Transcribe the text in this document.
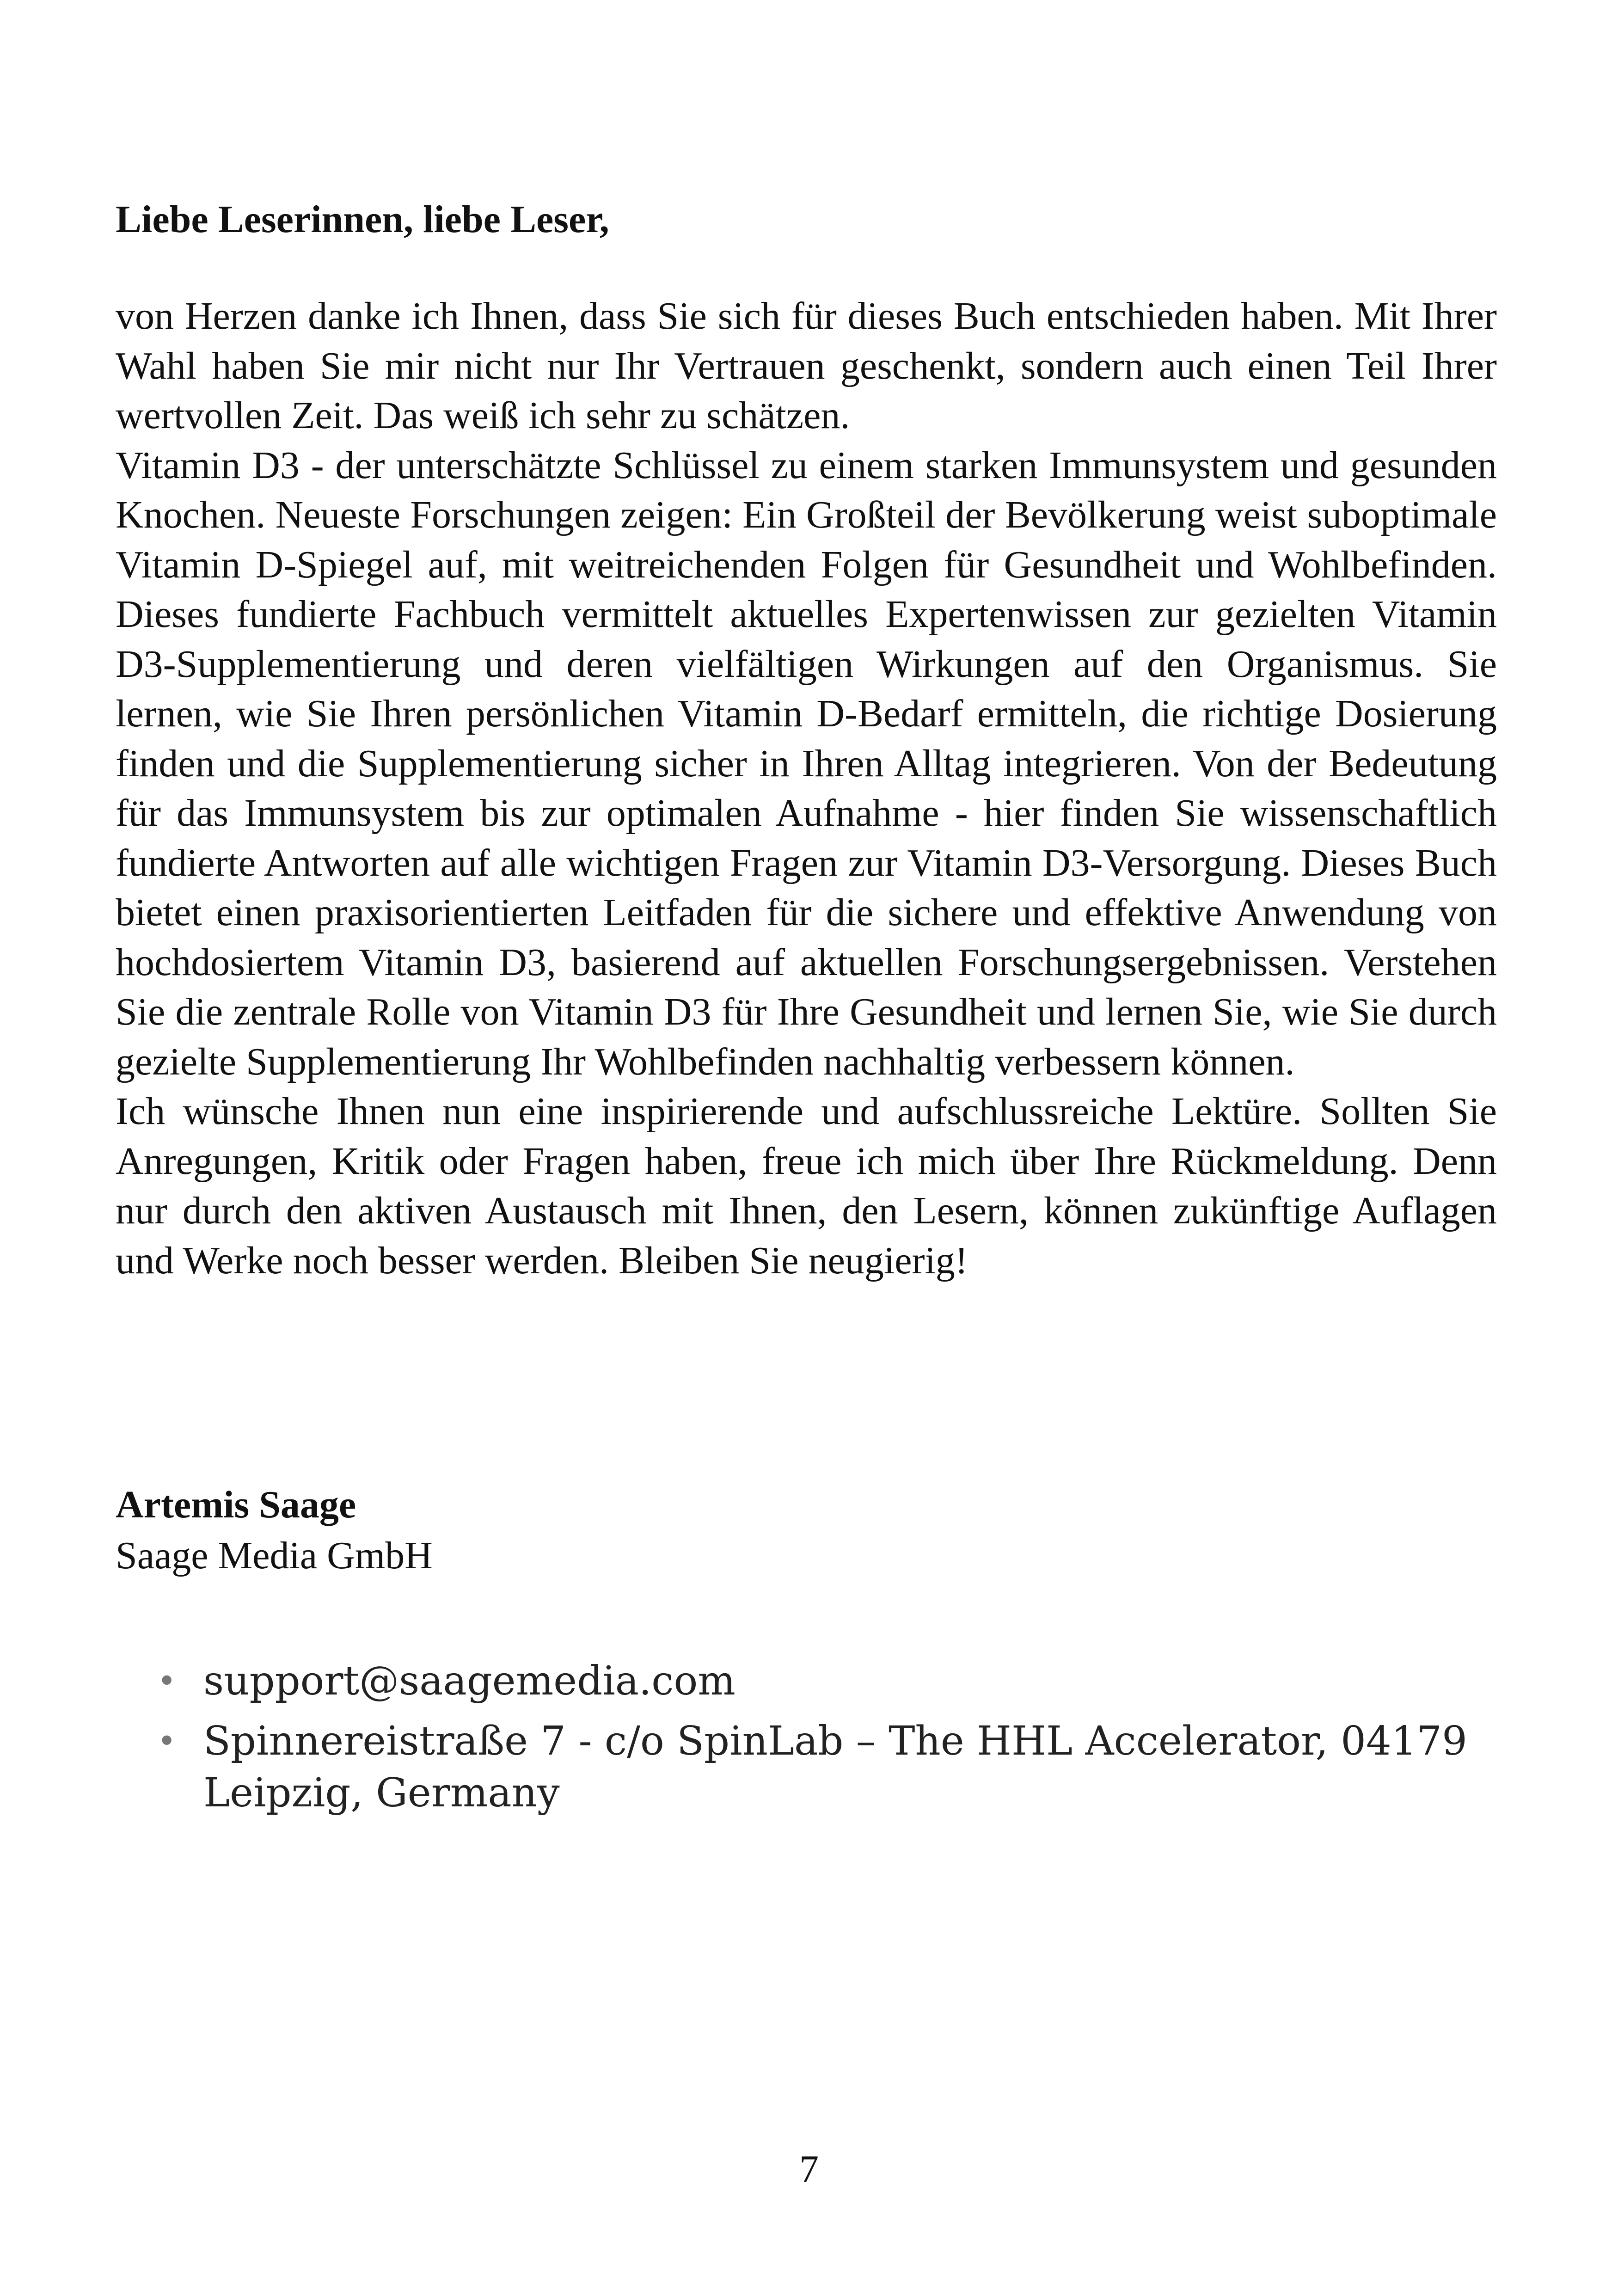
Liebe Leserinnen, liebe Leser,

von Herzen danke ich Ihnen, dass Sie sich für dieses Buch entschieden haben. Mit Ihrer Wahl haben Sie mir nicht nur Ihr Vertrauen geschenkt, sondern auch einen Teil Ihrer wertvollen Zeit. Das weiß ich sehr zu schätzen.

Vitamin D3 - der unterschätzte Schlüssel zu einem starken Immunsystem und gesunden Knochen. Neueste Forschungen zeigen: Ein Großteil der Bevölkerung weist suboptimale Vitamin D-Spiegel auf, mit weitreichenden Folgen für Gesundheit und Wohlbefinden. Dieses fundierte Fachbuch vermittelt aktuelles Expertenwissen zur gezielten Vitamin D3-Supplementierung und deren vielfältigen Wirkungen auf den Organismus. Sie lernen, wie Sie Ihren persönlichen Vitamin D-Bedarf ermitteln, die richtige Dosierung finden und die Supplementierung sicher in Ihren Alltag integrieren. Von der Bedeutung für das Immunsystem bis zur optimalen Aufnahme - hier finden Sie wissenschaftlich fundierte Antworten auf alle wichtigen Fragen zur Vitamin D3-Versorgung. Dieses Buch bietet einen praxisorientierten Leitfaden für die sichere und effektive Anwendung von hochdosiertem Vitamin D3, basierend auf aktuellen Forschungsergebnissen. Verstehen Sie die zentrale Rolle von Vitamin D3 für Ihre Gesundheit und lernen Sie, wie Sie durch gezielte Supplementierung Ihr Wohlbefinden nachhaltig verbessern können.

Ich wünsche Ihnen nun eine inspirierende und aufschlussreiche Lektüre. Sollten Sie Anregungen, Kritik oder Fragen haben, freue ich mich über Ihre Rückmeldung. Denn nur durch den aktiven Austausch mit Ihnen, den Lesern, können zukünftige Auflagen und Werke noch besser werden. Bleiben Sie neugierig!

Artemis Saage
Saage Media GmbH
• support@saagemedia.com
• Spinnereistraße 7 - c/o SpinLab – The HHL Accelerator, 04179 Leipzig, Germany
7
